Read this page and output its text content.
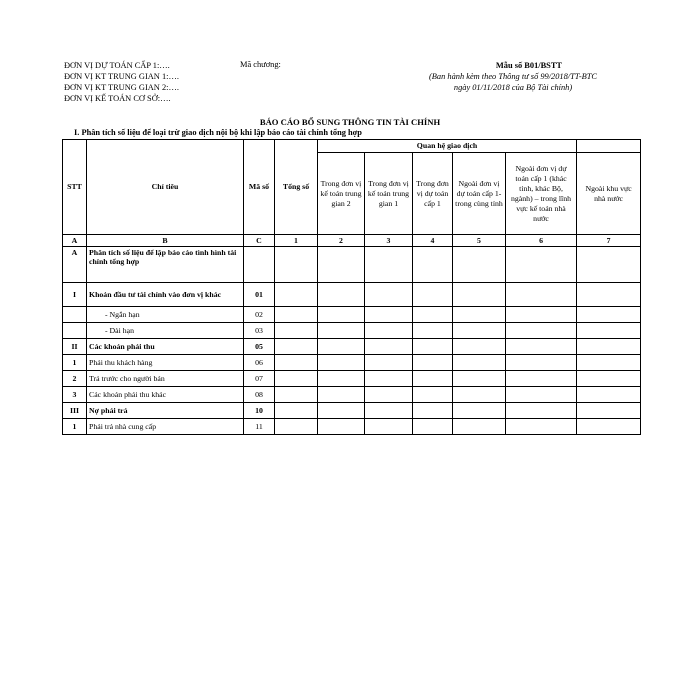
ĐƠN VỊ DỰ TOÁN CẤP 1:….
ĐƠN VỊ KT TRUNG GIAN 1:….
ĐƠN VỊ KT TRUNG GIAN 2:….
ĐƠN VỊ KẾ TOÁN CƠ SỞ:….
Mã chương:	Mẫu số B01/BSTT
(Ban hành kèm theo Thông tư số 99/2018/TT-BTC
ngày 01/11/2018 của Bộ Tài chính)
BÁO CÁO BỔ SUNG THÔNG TIN TÀI CHÍNH
I. Phân tích số liệu để loại trừ giao dịch nội bộ khi lập báo cáo tài chính tổng hợp
STT	Chỉ tiêu	Mã số	Tổng số	Quan hệ giao dịch					
				Trong đơn vị kế toán trung gian 2	Trong đơn vị kế toán trung gian 1	Trong đơn vị dự toán cấp 1	Ngoài đơn vị dự toán cấp 1-trong cùng tỉnh	Ngoài đơn vị dự toán cấp 1 (khác tỉnh, khác Bộ, ngành) – trong lĩnh vực kế toán nhà nước	Ngoài khu vực nhà nước
A	B	C	1	2	3	4	5	6	7
A	Phân tích số liệu để lập báo cáo tình hình tài chính tổng hợp								
I	Khoản đầu tư tài chính vào đơn vị khác	01							
	- Ngắn hạn	02							
	- Dài hạn	03							
II	Các khoản phải thu	05							
1	Phải thu khách hàng	06							
2	Trả trước cho người bán	07							
3	Các khoản phải thu khác	08							
III	Nợ phải trả	10							
1	Phải trả nhà cung cấp	11							
